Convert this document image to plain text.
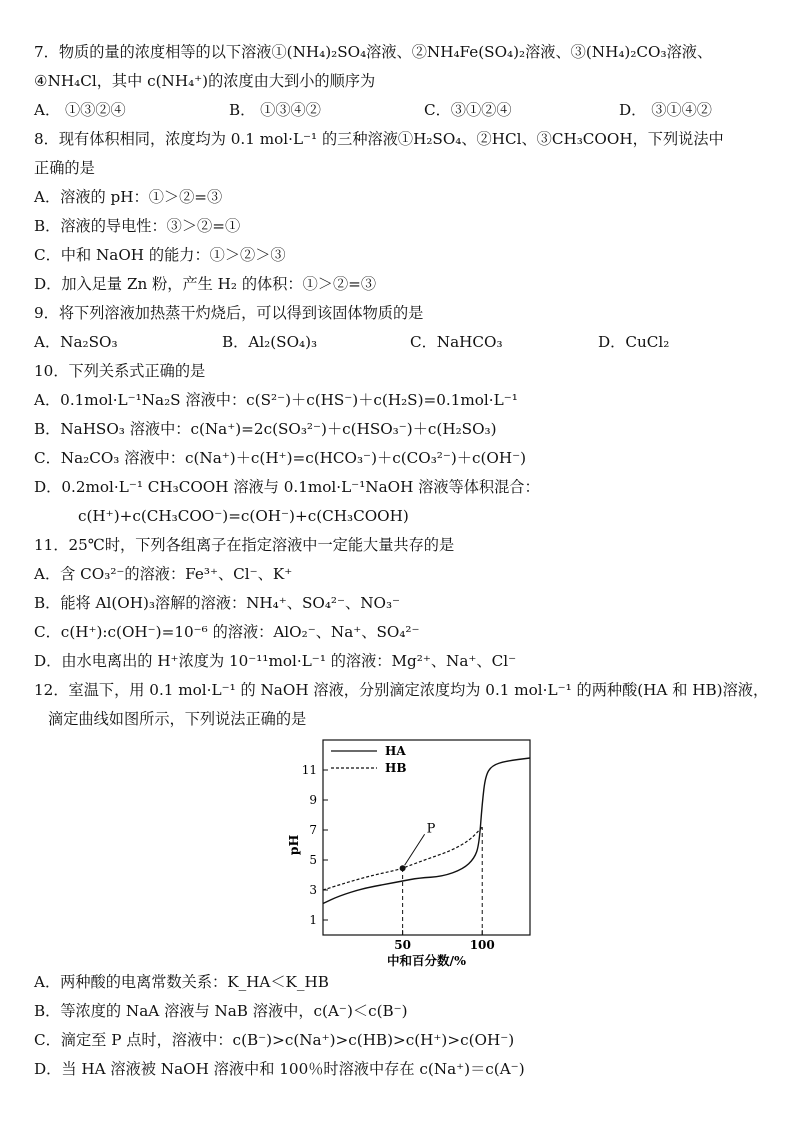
7．物质的量的浓度相等的以下溶液①(NH₄)₂SO₄溶液、②NH₄Fe(SO₄)₂溶液、③(NH₄)₂CO₃溶液、
④NH₄Cl，其中 c(NH₄⁺)的浓度由大到小的顺序为
A． ①③②④	B． ①③④②	C．③①②④	D． ③①④②
8．现有体积相同，浓度均为 0.1 mol·L⁻¹ 的三种溶液①H₂SO₄、②HCl、③CH₃COOH，下列说法中
正确的是
A．溶液的 pH：①＞②=③
B．溶液的导电性：③＞②=①
C．中和 NaOH 的能力：①＞②＞③
D．加入足量 Zn 粉，产生 H₂ 的体积：①＞②=③
9．将下列溶液加热蒸干灼烧后，可以得到该固体物质的是
A．Na₂SO₃	B．Al₂(SO₄)₃	C．NaHCO₃	D．CuCl₂
10．下列关系式正确的是
A．0.1mol·L⁻¹Na₂S 溶液中：c(S²⁻)＋c(HS⁻)＋c(H₂S)=0.1mol·L⁻¹
B．NaHSO₃ 溶液中：c(Na⁺)=2c(SO₃²⁻)＋c(HSO₃⁻)＋c(H₂SO₃)
C．Na₂CO₃ 溶液中：c(Na⁺)＋c(H⁺)=c(HCO₃⁻)＋c(CO₃²⁻)＋c(OH⁻)
D．0.2mol·L⁻¹ CH₃COOH 溶液与 0.1mol·L⁻¹NaOH 溶液等体积混合：
c(H⁺)+c(CH₃COO⁻)=c(OH⁻)+c(CH₃COOH)
11．25℃时，下列各组离子在指定溶液中一定能大量共存的是
A．含 CO₃²⁻的溶液：Fe³⁺、Cl⁻、K⁺
B．能将 Al(OH)₃溶解的溶液：NH₄⁺、SO₄²⁻、NO₃⁻
C．c(H⁺):c(OH⁻)=10⁻⁶ 的溶液：AlO₂⁻、Na⁺、SO₄²⁻
D．由水电离出的 H⁺浓度为 10⁻¹¹mol·L⁻¹ 的溶液：Mg²⁺、Na⁺、Cl⁻
12．室温下，用 0.1 mol·L⁻¹ 的 NaOH 溶液，分别滴定浓度均为 0.1 mol·L⁻¹ 的两种酸(HA 和 HB)溶液，
滴定曲线如图所示，下列说法正确的是
P
1
3
5
7
9
11
50	100
中和百分数/%
pH
HA
HB
A．两种酸的电离常数关系：K_HA＜K_HB
B．等浓度的 NaA 溶液与 NaB 溶液中，c(A⁻)＜c(B⁻)
C．滴定至 P 点时，溶液中：c(B⁻)>c(Na⁺)>c(HB)>c(H⁺)>c(OH⁻)
D．当 HA 溶液被 NaOH 溶液中和 100％时溶液中存在 c(Na⁺)＝c(A⁻)
